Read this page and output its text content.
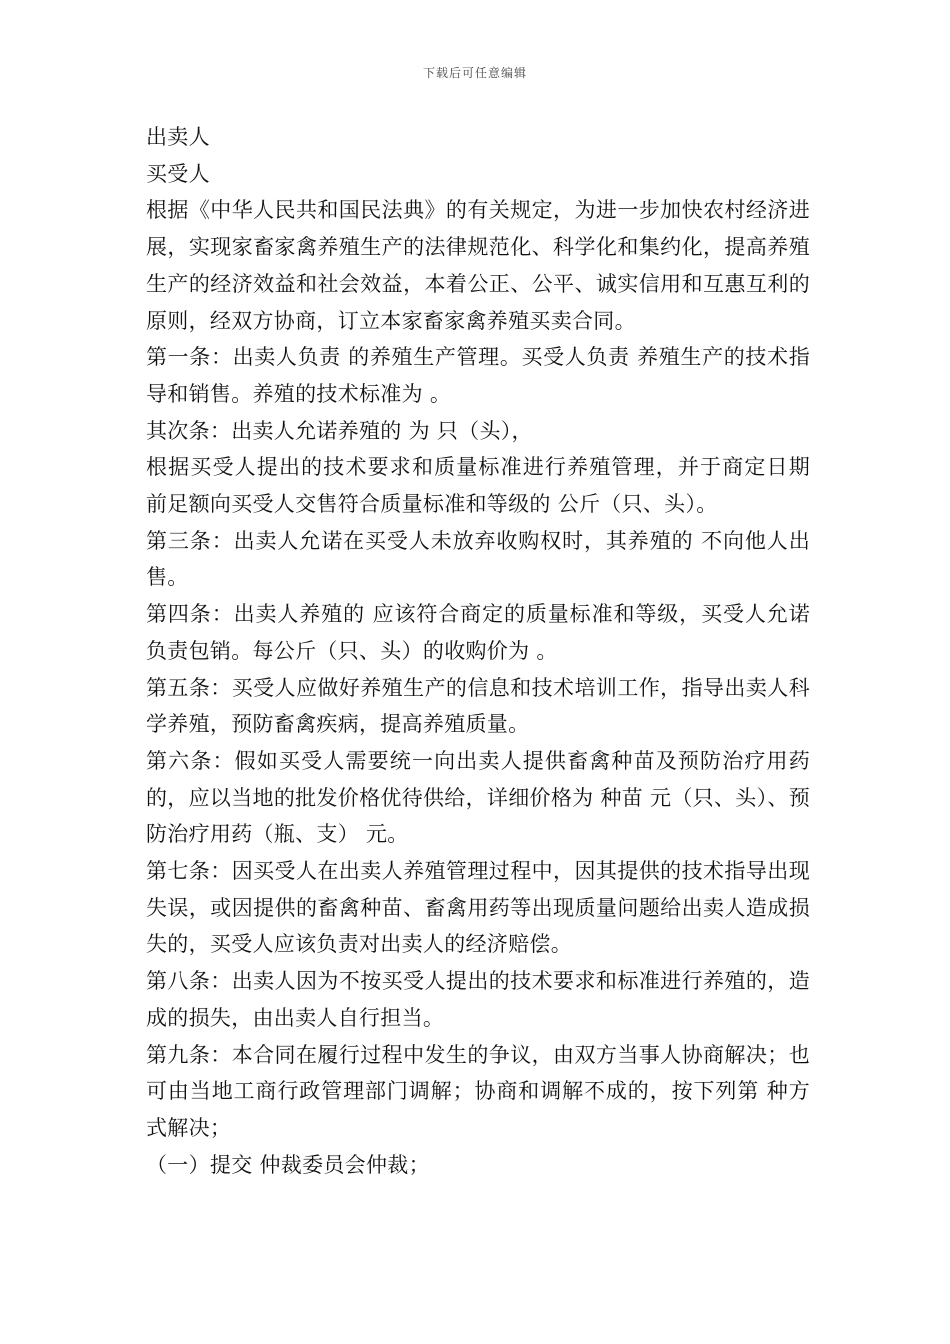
下载后可任意编辑

出卖人

买受人

根据《中华人民共和国民法典》的有关规定，为进一步加快农村经济进展，实现家畜家禽养殖生产的法律规范化、科学化和集约化，提高养殖生产的经济效益和社会效益，本着公正、公平、诚实信用和互惠互利的原则，经双方协商，订立本家畜家禽养殖买卖合同。

第一条：出卖人负责 的养殖生产管理。买受人负责 养殖生产的技术指导和销售。养殖的技术标准为 。

其次条：出卖人允诺养殖的 为 只（头），

根据买受人提出的技术要求和质量标准进行养殖管理，并于商定日期 前足额向买受人交售符合质量标准和等级的 公斤（只、头）。

第三条：出卖人允诺在买受人未放弃收购权时，其养殖的 不向他人出售。

第四条：出卖人养殖的 应该符合商定的质量标准和等级，买受人允诺负责包销。每公斤（只、头）的收购价为 。

第五条：买受人应做好养殖生产的信息和技术培训工作，指导出卖人科学养殖，预防畜禽疾病，提高养殖质量。

第六条：假如买受人需要统一向出卖人提供畜禽种苗及预防治疗用药的，应以当地的批发价格优待供给，详细价格为 种苗 元（只、头）、预防治疗用药（瓶、支） 元。

第七条：因买受人在出卖人养殖管理过程中，因其提供的技术指导出现失误，或因提供的畜禽种苗、畜禽用药等出现质量问题给出卖人造成损失的，买受人应该负责对出卖人的经济赔偿。

第八条：出卖人因为不按买受人提出的技术要求和标准进行养殖的，造成的损失，由出卖人自行担当。

第九条：本合同在履行过程中发生的争议，由双方当事人协商解决；也可由当地工商行政管理部门调解；协商和调解不成的，按下列第 种方式解决；

（一）提交 仲裁委员会仲裁；
